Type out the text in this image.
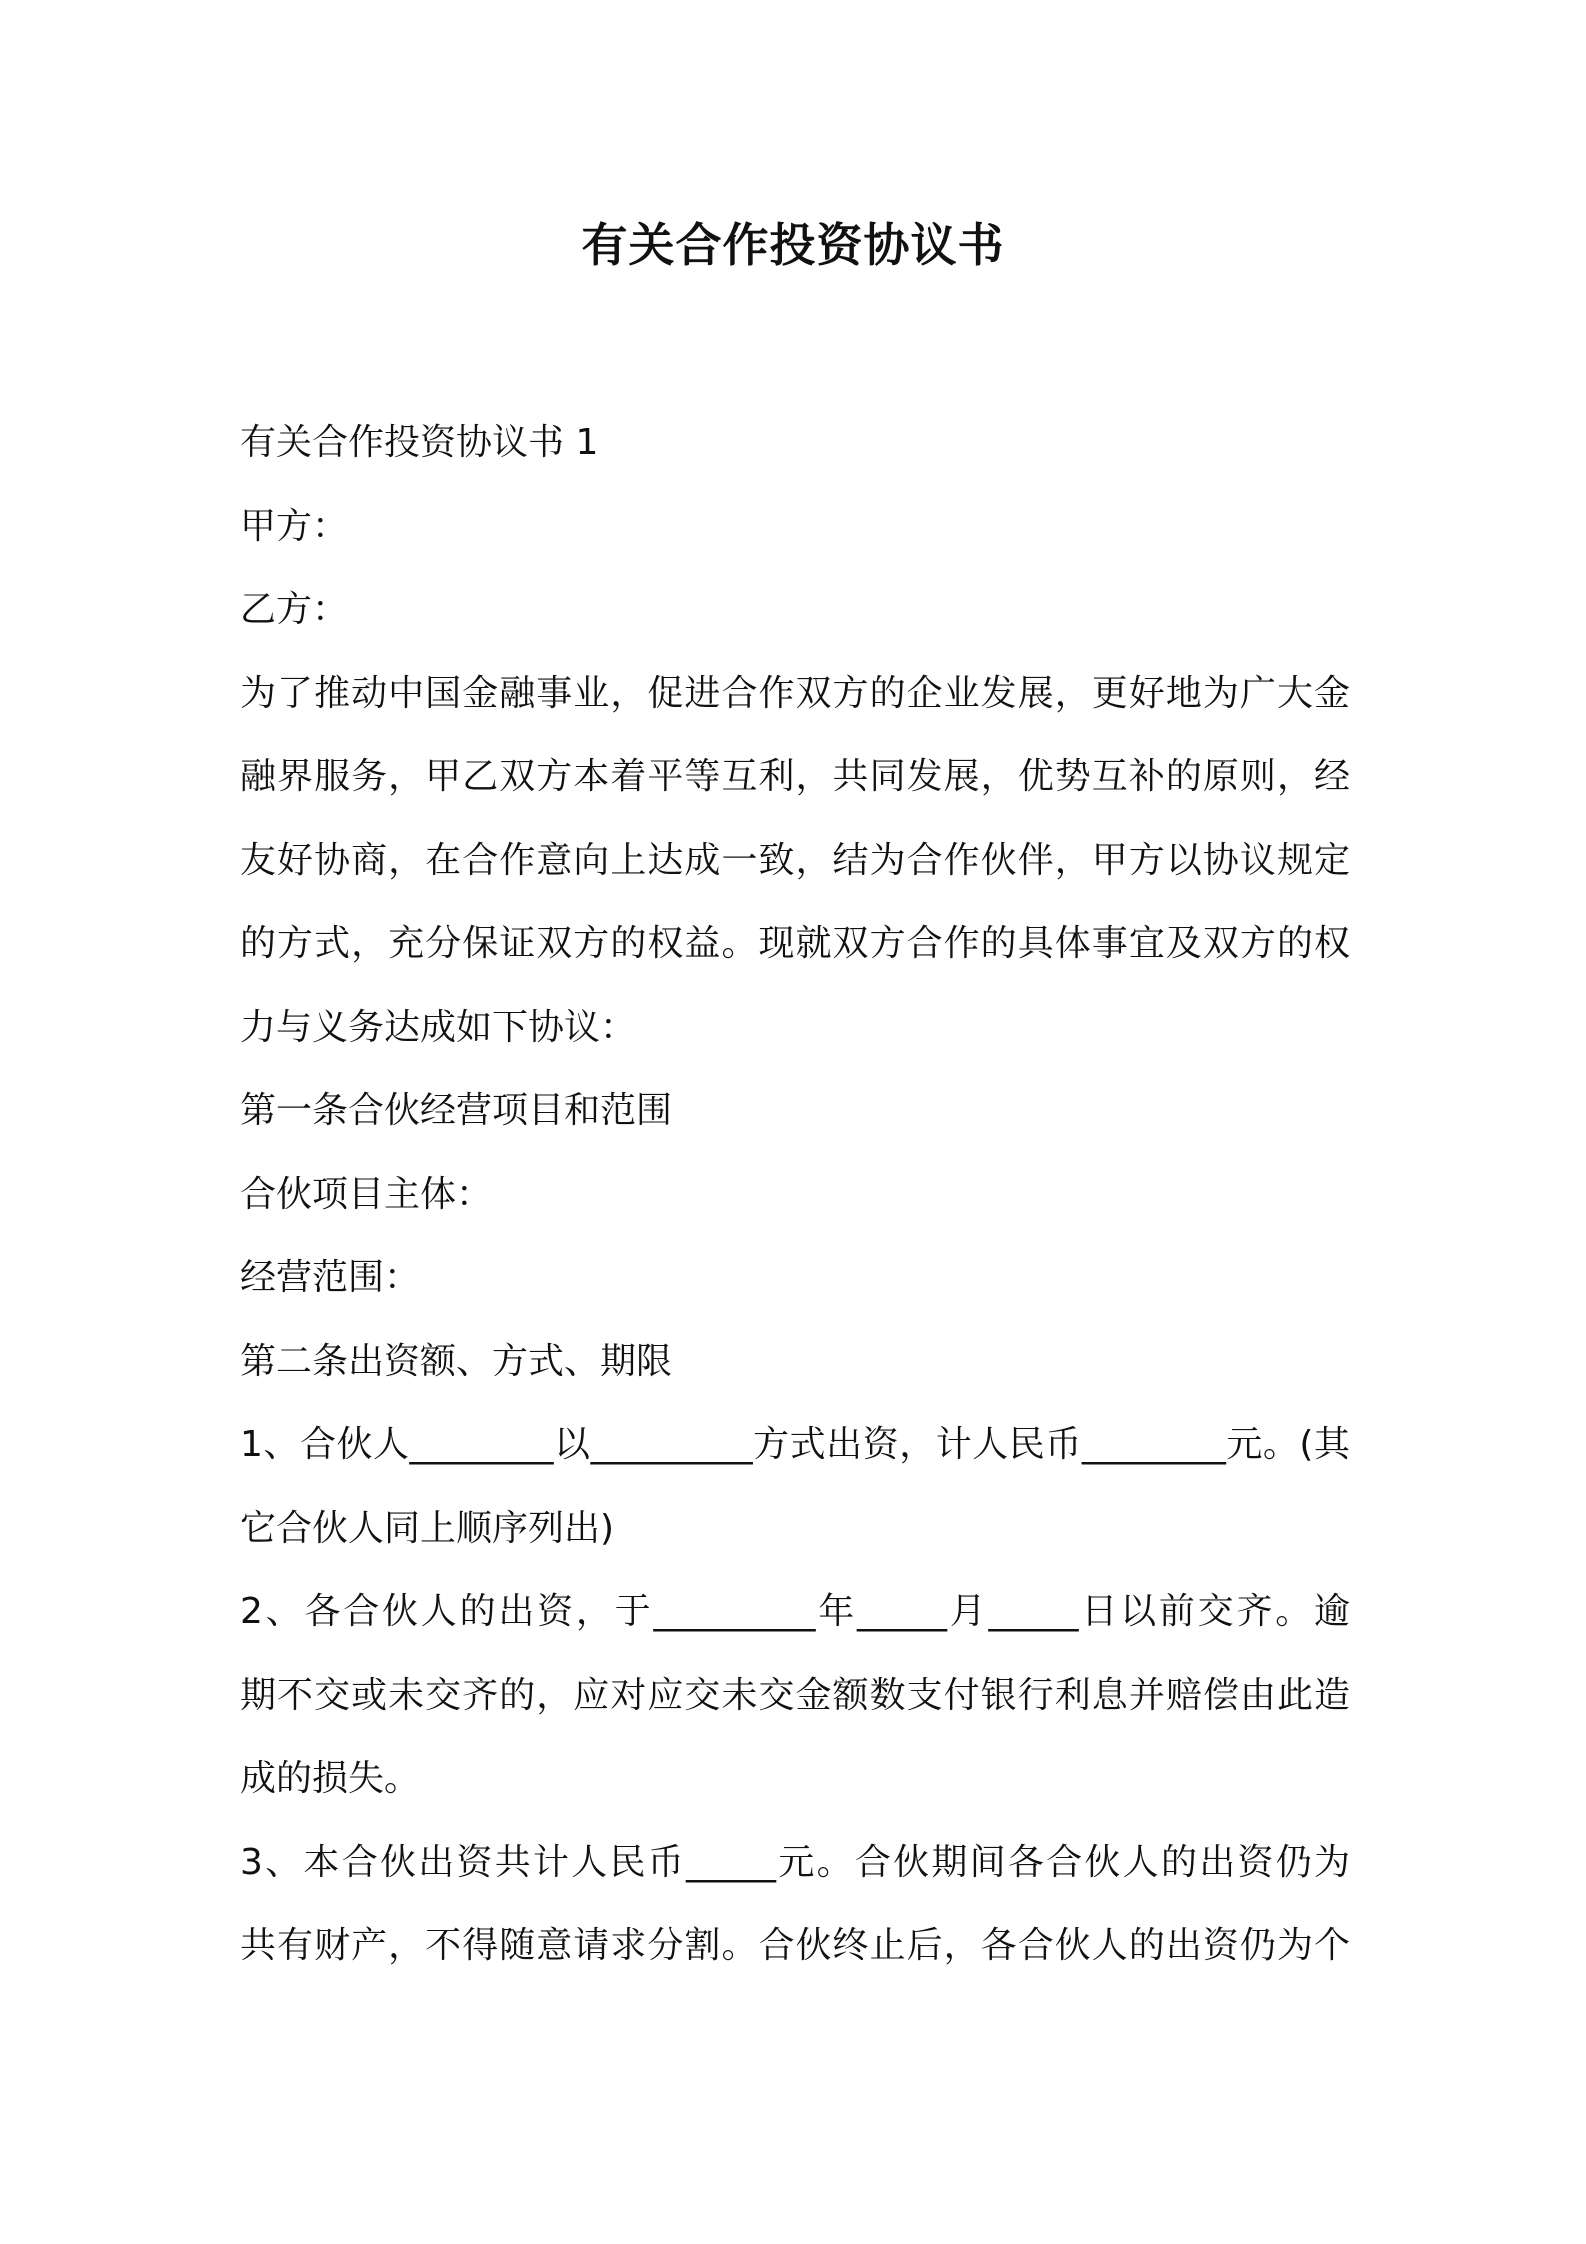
有关合作投资协议书

有关合作投资协议书 1

甲方：

乙方：

为了推动中国金融事业，促进合作双方的企业发展，更好地为广大金

融界服务，甲乙双方本着平等互利，共同发展，优势互补的原则，经

友好协商，在合作意向上达成一致，结为合作伙伴，甲方以协议规定

的方式，充分保证双方的权益。现就双方合作的具体事宜及双方的权

力与义务达成如下协议：

第一条合伙经营项目和范围

合伙项目主体：

经营范围：

第二条出资额、方式、期限

1、合伙人________以_________方式出资，计人民币________元。(其

它合伙人同上顺序列出)

2、各合伙人的出资，于_________年_____月_____日以前交齐。逾

期不交或未交齐的，应对应交未交金额数支付银行利息并赔偿由此造

成的损失。

3、本合伙出资共计人民币_____元。合伙期间各合伙人的出资仍为

共有财产，不得随意请求分割。合伙终止后，各合伙人的出资仍为个
